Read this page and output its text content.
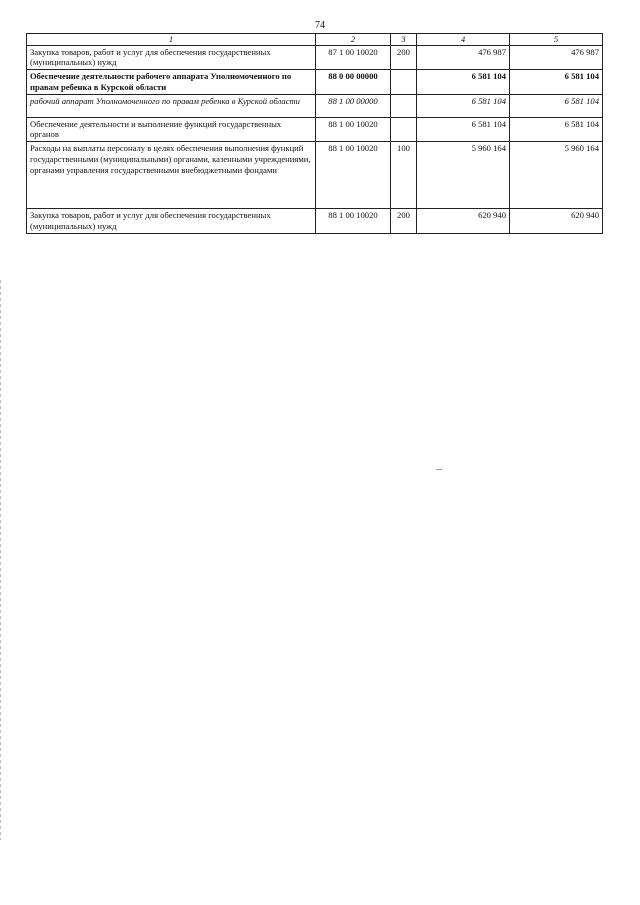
74
1	2	3	4	5
Закупка товаров, работ и услуг для обеспечения государственных (муниципальных) нужд	87 1 00 10020	200	476 987	476 987
Обеспечение деятельности рабочего аппарата Уполномоченного по правам ребенка в Курской области	88 0 00 00000		6 581 104	6 581 104
рабочий аппарат Уполномоченного по правам ребенка в Курской области	88 1 00 00000		6 581 104	6 581 104
Обеспечение деятельности и выполнение функций государственных органов	88 1 00 10020		6 581 104	6 581 104
Расходы на выплаты персоналу в целях обеспечения выполнения функций государственными (муниципальными) органами, казенными учреждениями, органами управления государственными внебюджетными фондами	88 1 00 10020	100	5 960 164	5 960 164
Закупка товаров, работ и услуг для обеспечения государственных (муниципальных) нужд	88 1 00 10020	200	620 940	620 940
